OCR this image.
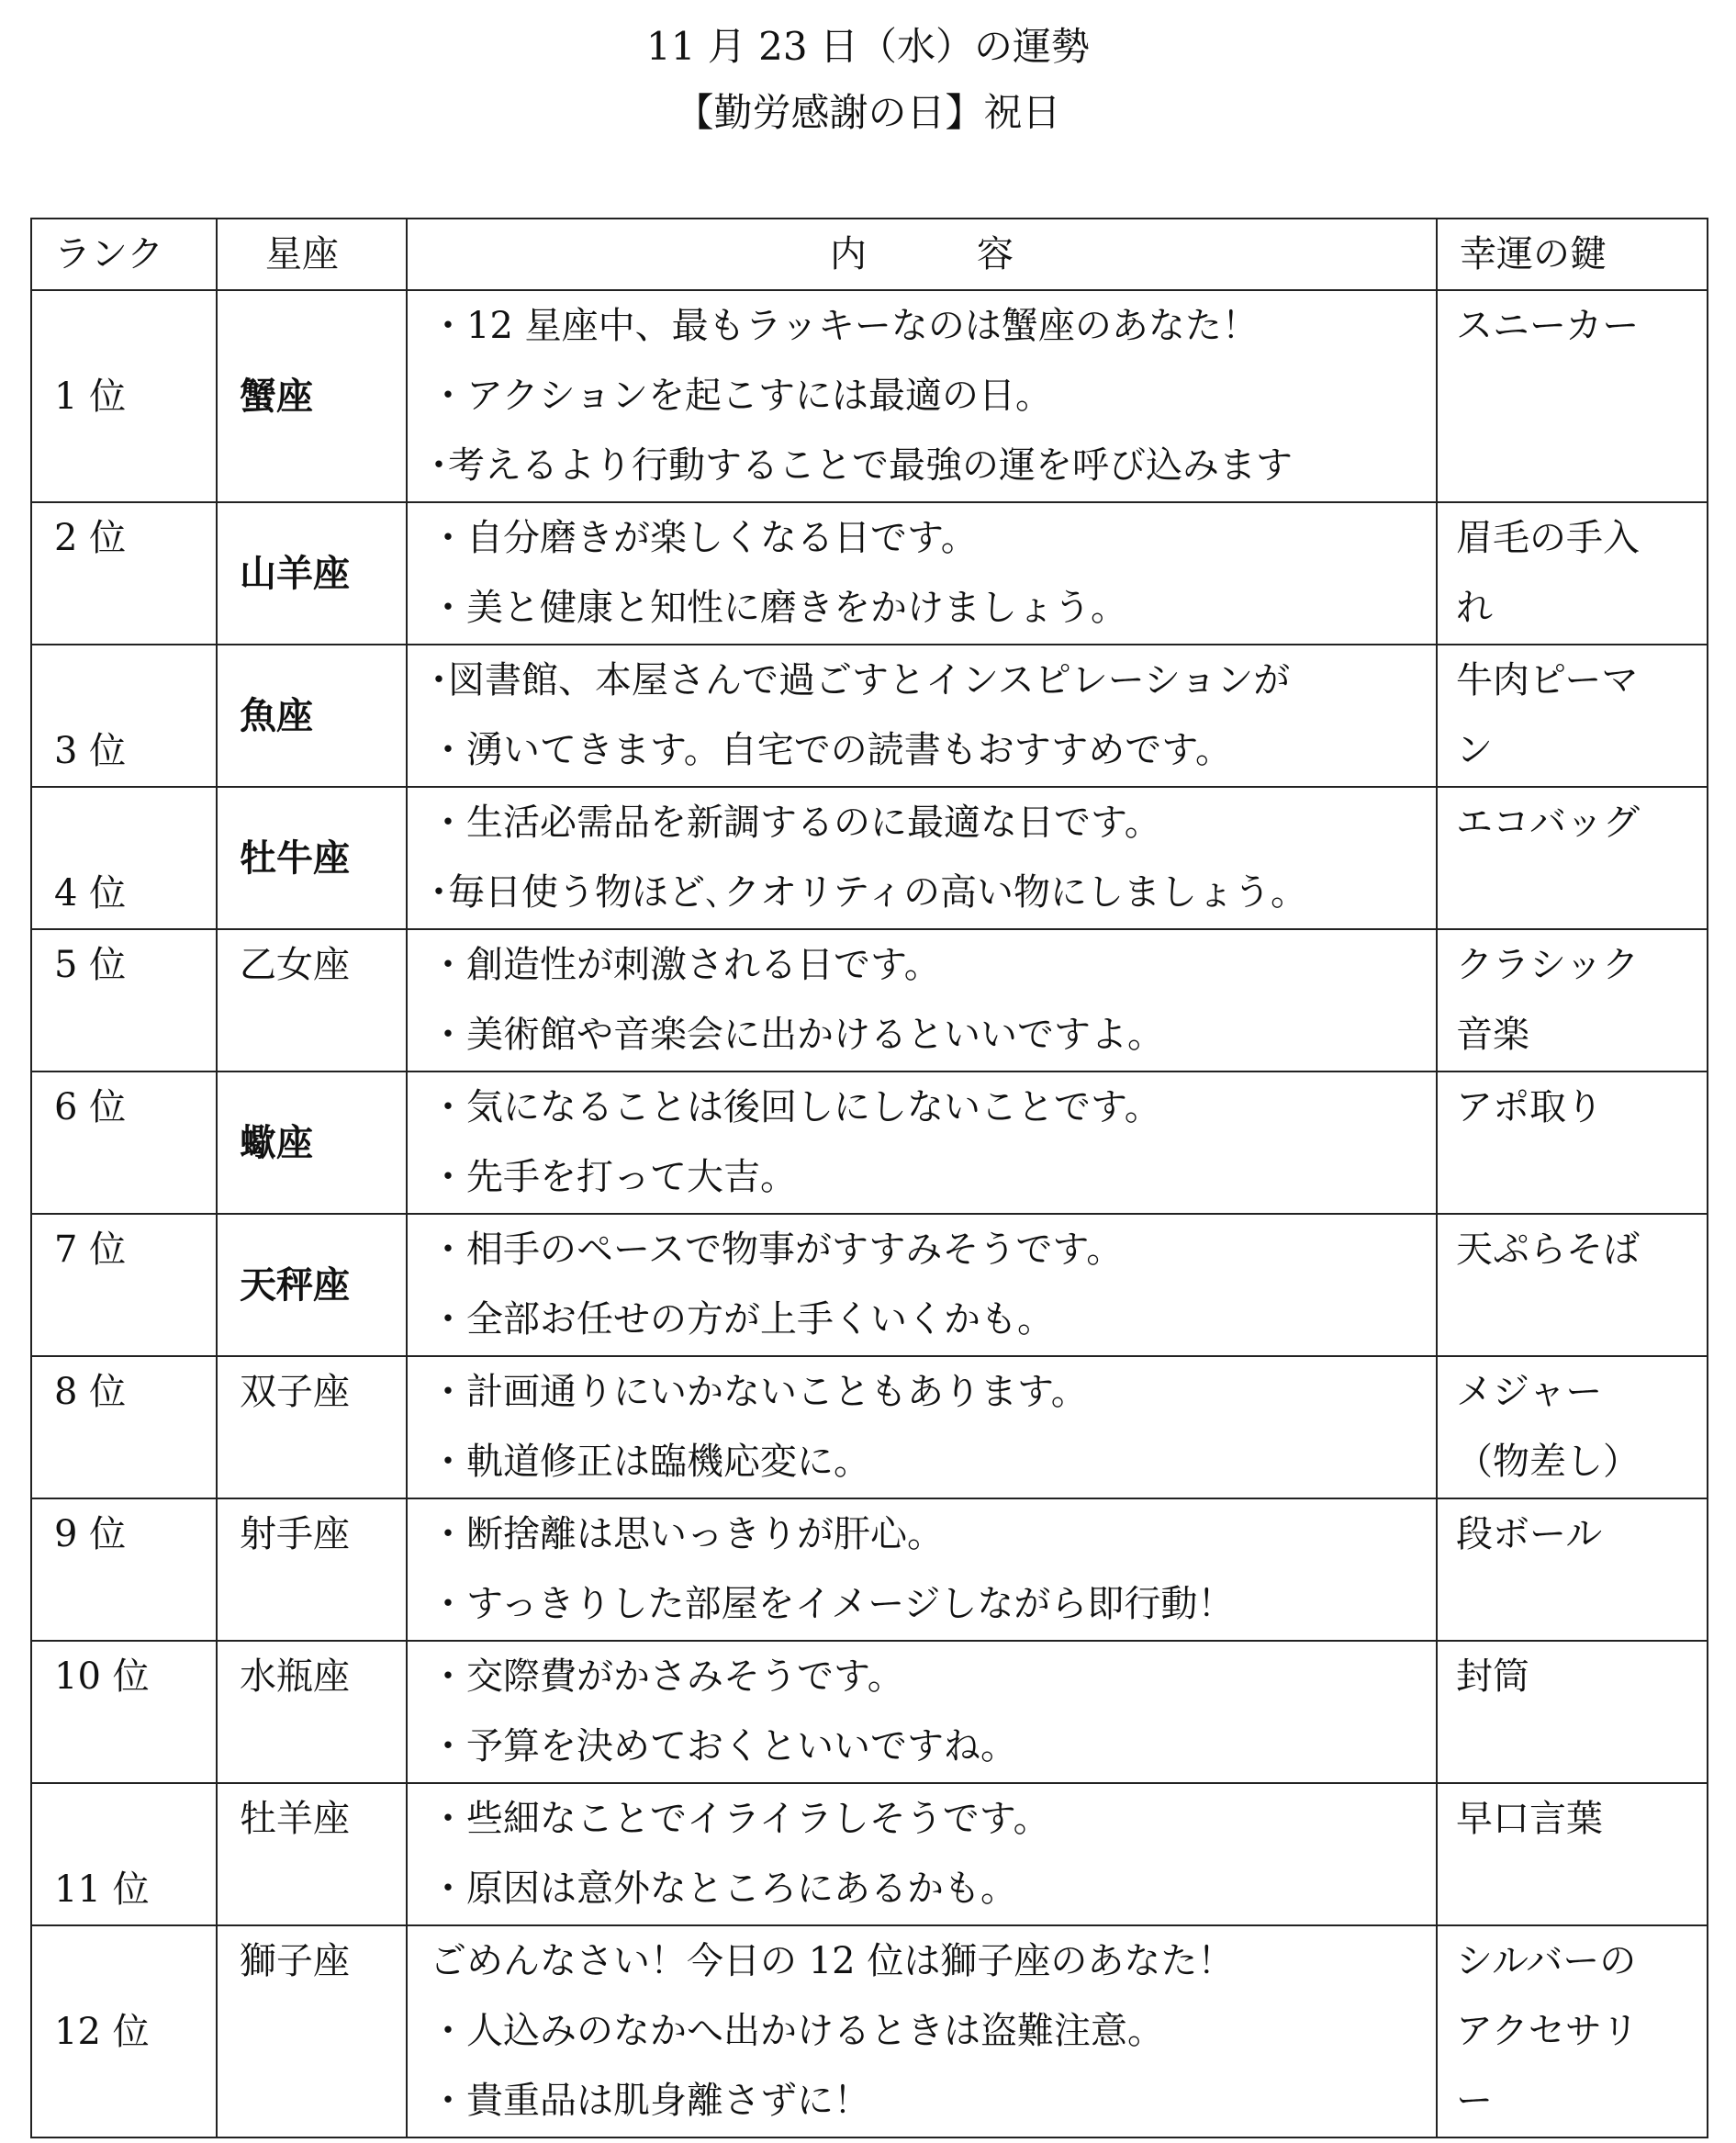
11 月 23 日（水）の運勢
【勤労感謝の日】祝日
ランク	星座	内　　　容	幸運の鍵

1 位	蟹座	・12 星座中、最もラッキーなのは蟹座のあなた！
・アクションを起こすには最適の日。
･考えるより行動することで最強の運を呼び込みます	スニーカー

2 位	山羊座	・自分磨きが楽しくなる日です。
・美と健康と知性に磨きをかけましょう。	眉毛の手入
れ

3 位	魚座	･図書館、本屋さんで過ごすとインスピレーションが
・湧いてきます。自宅での読書もおすすめです。	牛肉ピーマ
ン

4 位	牡牛座	・生活必需品を新調するのに最適な日です。
･毎日使う物ほど､クオリティの高い物にしましょう。	エコバッグ

5 位	乙女座	・創造性が刺激される日です。
・美術館や音楽会に出かけるといいですよ。	クラシック
音楽

6 位	蠍座	・気になることは後回しにしないことです。
・先手を打って大吉。	アポ取り

7 位	天秤座	・相手のペースで物事がすすみそうです。
・全部お任せの方が上手くいくかも。	天ぷらそば

8 位	双子座	・計画通りにいかないこともあります。
・軌道修正は臨機応変に。	メジャー
（物差し）

9 位	射手座	・断捨離は思いっきりが肝心。
・すっきりした部屋をイメージしながら即行動！	段ボール

10 位	水瓶座	・交際費がかさみそうです。
・予算を決めておくといいですね。	封筒

11 位	牡羊座	・些細なことでイライラしそうです。
・原因は意外なところにあるかも。	早口言葉

12 位	獅子座	ごめんなさい！今日の 12 位は獅子座のあなた！
・人込みのなかへ出かけるときは盗難注意。
・貴重品は肌身離さずに！	シルバーの
アクセサリ
ー
